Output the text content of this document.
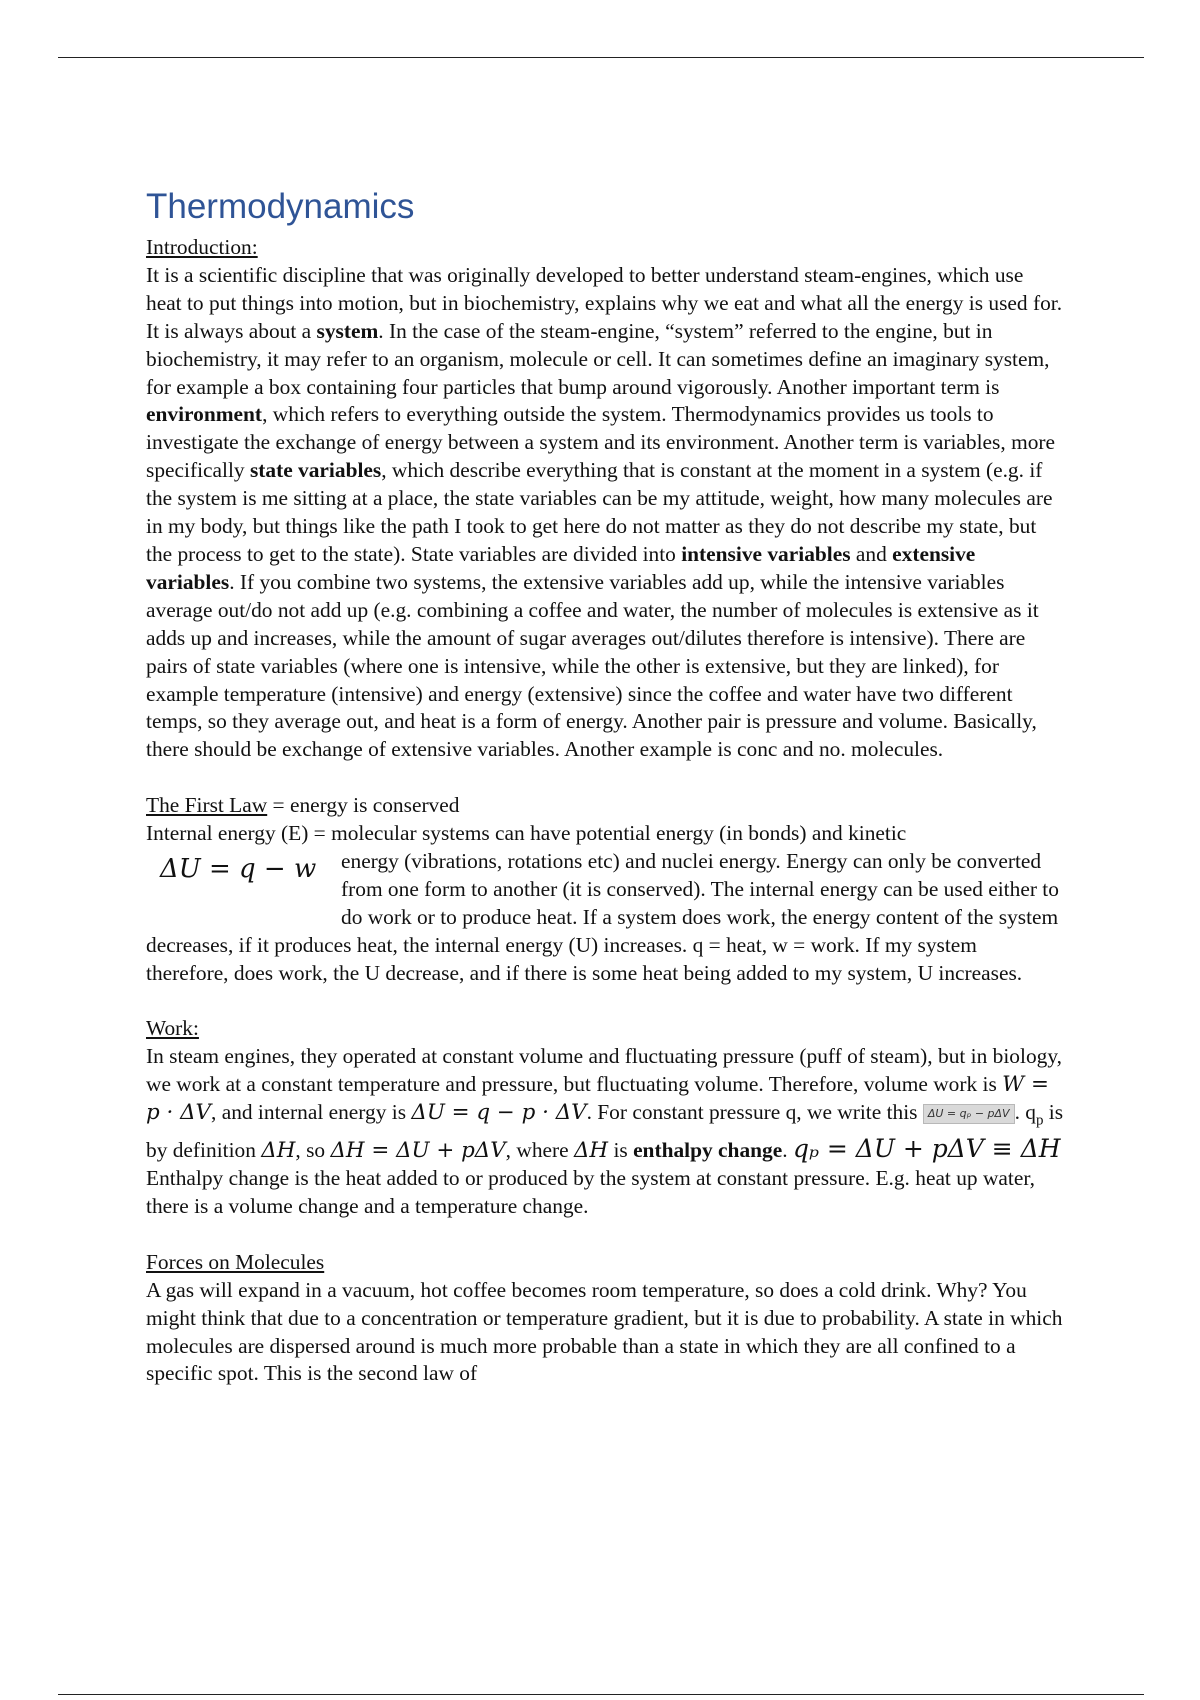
Thermodynamics

Introduction:

It is a scientific discipline that was originally developed to better understand steam-engines, which use heat to put things into motion, but in biochemistry, explains why we eat and what all the energy is used for. It is always about a system. In the case of the steam-engine, “system” referred to the engine, but in biochemistry, it may refer to an organism, molecule or cell. It can sometimes define an imaginary system, for example a box containing four particles that bump around vigorously. Another important term is environment, which refers to everything outside the system. Thermodynamics provides us tools to investigate the exchange of energy between a system and its environment. Another term is variables, more specifically state variables, which describe everything that is constant at the moment in a system (e.g. if the system is me sitting at a place, the state variables can be my attitude, weight, how many molecules are in my body, but things like the path I took to get here do not matter as they do not describe my state, but the process to get to the state). State variables are divided into intensive variables and extensive variables. If you combine two systems, the extensive variables add up, while the intensive variables average out/do not add up (e.g. combining a coffee and water, the number of molecules is extensive as it adds up and increases, while the amount of sugar averages out/dilutes therefore is intensive). There are pairs of state variables (where one is intensive, while the other is extensive, but they are linked), for example temperature (intensive) and energy (extensive) since the coffee and water have two different temps, so they average out, and heat is a form of energy. Another pair is pressure and volume. Basically, there should be exchange of extensive variables. Another example is conc and no. molecules.

The First Law = energy is conserved

Internal energy (E) = molecular systems can have potential energy (in bonds) and kinetic

ΔU = q − w	energy (vibrations, rotations etc) and nuclei energy. Energy can only be converted from one form to another (it is conserved). The internal energy can be used either to do work or to produce heat. If a system does work, the energy content of the system decreases, if it produces heat, the internal energy (U) increases. q = heat, w = work. If my system therefore, does work, the U decrease, and if there is some heat being added to my system, U increases.

Work:

In steam engines, they operated at constant volume and fluctuating pressure (puff of steam), but in biology, we work at a constant temperature and pressure, but fluctuating volume. Therefore, volume work is W = p · ΔV, and internal energy is ΔU = q − p · ΔV. For constant pressure q, we write this ΔU = qₚ − pΔV . $q_p$ is by definition ΔH, so ΔH = ΔU + pΔV, where ΔH is enthalpy change. qₚ = ΔU + pΔV ≡ ΔH Enthalpy change is the heat added to or produced by the system at constant pressure. E.g. heat up water, there is a volume change and a temperature change.

Forces on Molecules

A gas will expand in a vacuum, hot coffee becomes room temperature, so does a cold drink. Why? You might think that due to a concentration or temperature gradient, but it is due to probability. A state in which molecules are dispersed around is much more probable than a state in which they are all confined to a specific spot. This is the second law of
